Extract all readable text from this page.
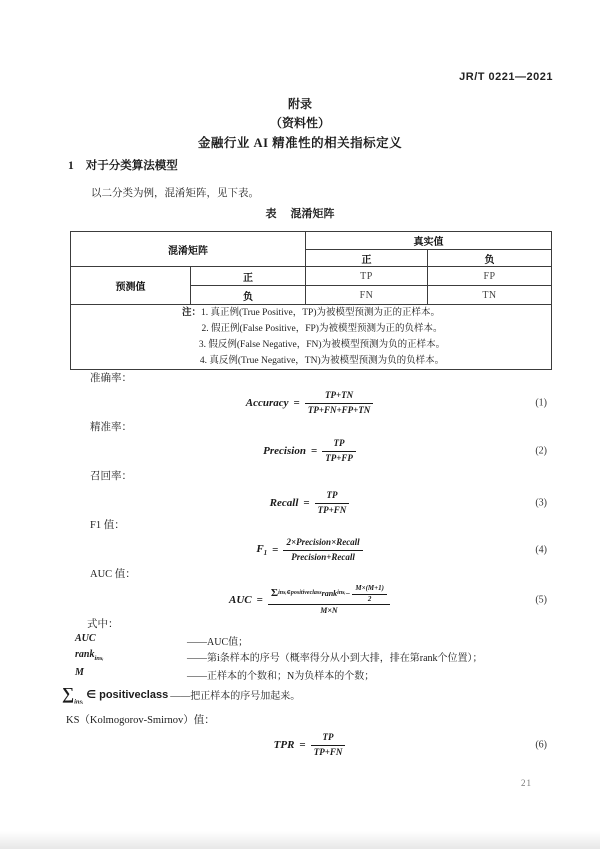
JR/T 0221—2021
附录
（资料性）
金融行业 AI 精准性的相关指标定义
1 对于分类算法模型
以二分类为例，混淆矩阵，见下表。
表 混淆矩阵
混淆矩阵		真实值	
		正	负
预测值	正	TP	FP
	负	FN	TN

注：1. 真正例(True Positive，TP)为被模型预测为正的正样本。
2. 假正例(False Positive，FP)为被模型预测为正的负样本。
3. 假反例(False Negative，FN)为被模型预测为负的正样本。
4. 真反例(True Negative，TN)为被模型预测为负的负样本。			
准确率：
Accuracy = $\frac{TP+TN}{TP+FN+FP+TN}$	(1)
精准率：
Precision = $\frac{TP}{TP+FP}$	(2)
召回率：
Recall = $\frac{TP}{TP+FN}$	(3)
F1 值：
$F_1 = \frac{\text{2×Precision×Recall}}{\text{Precision+Recall}}$	(4)
AUC 值：
AUC =
Σ insᵢ∈positiveclass rank insᵢ − $\frac{M\times(M+1)}{2}$
M×N
(5)
式中：
AUC	——AUC值；
rank$_{insᵢ}$	——第i条样本的序号（概率得分从小到大排，排在第rank个位置）；
M	——正样本的个数和；N为负样本的个数；
$\sum_{insᵢ}$
∈ positiveclass ——把正样本的序号加起来。
KS（Kolmogorov-Smirnov）值：
TPR = $\frac{TP}{TP+FN}$	(6)
21
